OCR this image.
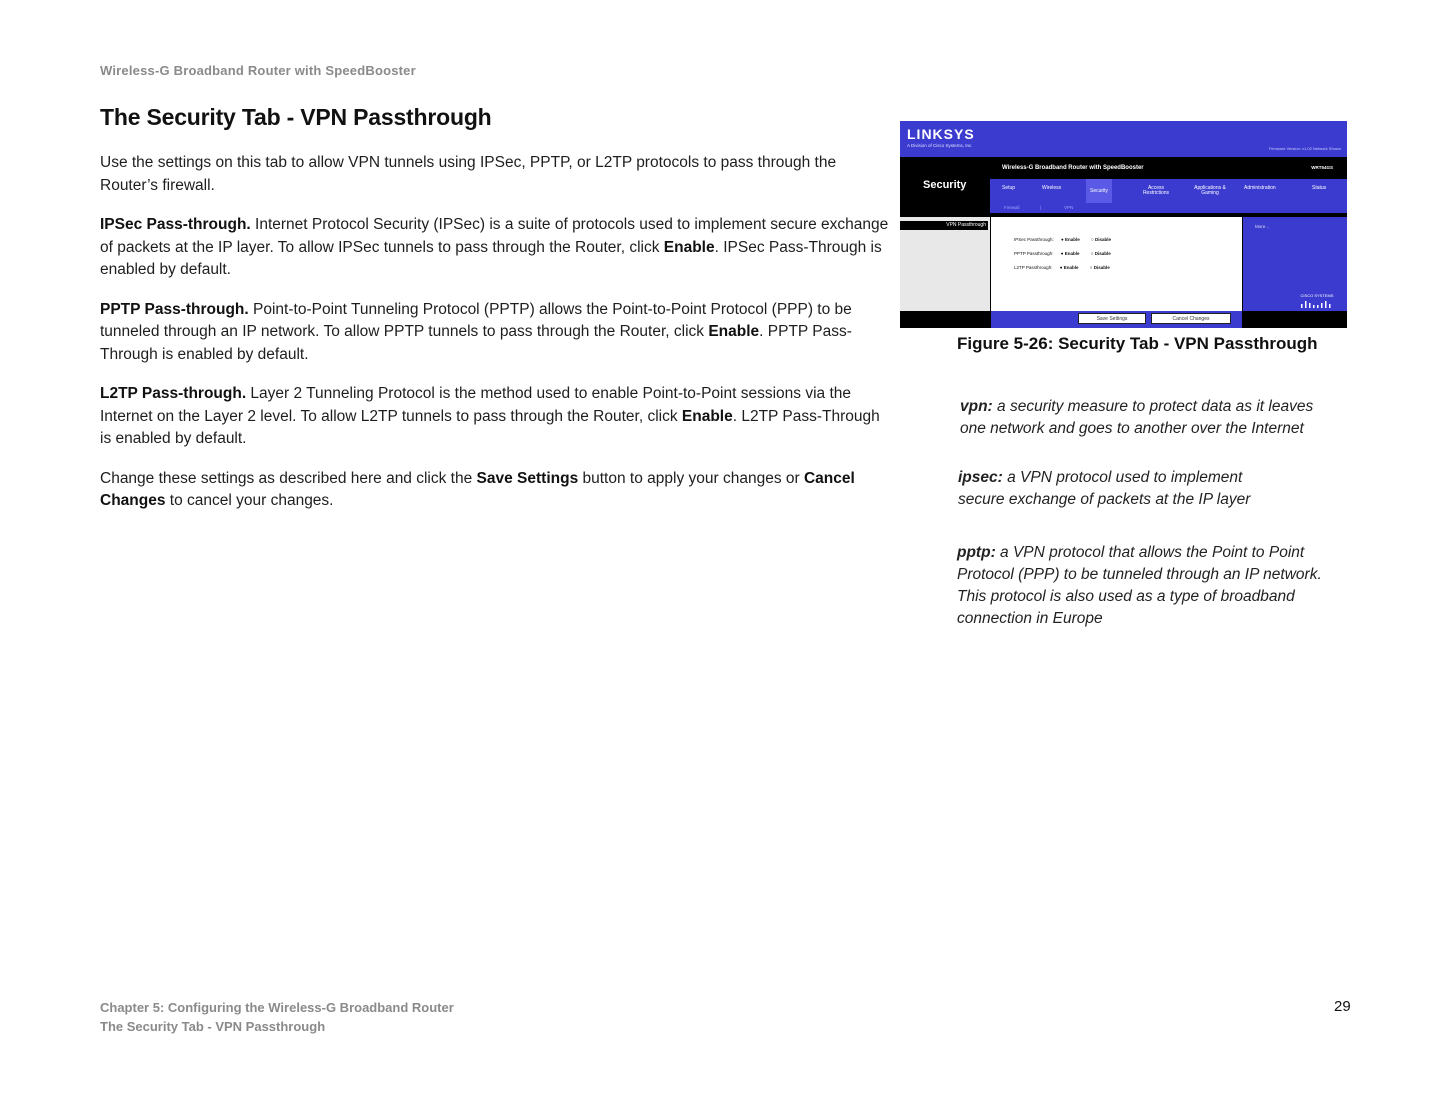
Wireless-G Broadband Router with SpeedBooster
The Security Tab - VPN Passthrough

Use the settings on this tab to allow VPN tunnels using IPSec, PPTP, or L2TP protocols to pass through the Router’s firewall.

IPSec Pass-through. Internet Protocol Security (IPSec) is a suite of protocols used to implement secure exchange of packets at the IP layer. To allow IPSec tunnels to pass through the Router, click Enable. IPSec Pass-Through is enabled by default.

PPTP Pass-through. Point-to-Point Tunneling Protocol (PPTP) allows the Point-to-Point Protocol (PPP) to be tunneled through an IP network. To allow PPTP tunnels to pass through the Router, click Enable. PPTP Pass-Through is enabled by default.

L2TP Pass-through. Layer 2 Tunneling Protocol is the method used to enable Point-to-Point sessions via the Internet on the Layer 2 level. To allow L2TP tunnels to pass through the Router, click Enable. L2TP Pass-Through is enabled by default.

Change these settings as described here and click the Save Settings button to apply your changes or Cancel Changes to cancel your changes.

LINKSYS
A Division of Cisco Systems, Inc.
Firmware Version: v1.02 Network Shown
Wireless-G Broadband Router with SpeedBooster	WRT54GS
Security	Setup	Wireless	Security	Access Restrictions
Applications & Gaming
Administration	Status
Firewall	|	VPN
VPN Passthrough
IPSec Passthrough: ● Enable	○ Disable
PPTP Passthrough: ● Enable	○ Disable
L2TP Passthrough: ● Enable	○ Disable
More...
CISCO SYSTEMS
Save Settings	Cancel Changes

Figure 5-26: Security Tab - VPN Passthrough

vpn: a security measure to protect data as it leaves one network and goes to another over the Internet
ipsec: a VPN protocol used to implement secure exchange of packets at the IP layer
pptp: a VPN protocol that allows the Point to Point Protocol (PPP) to be tunneled through an IP network. This protocol is also used as a type of broadband connection in Europe
Chapter 5: Configuring the Wireless-G Broadband Router
The Security Tab - VPN Passthrough
29
